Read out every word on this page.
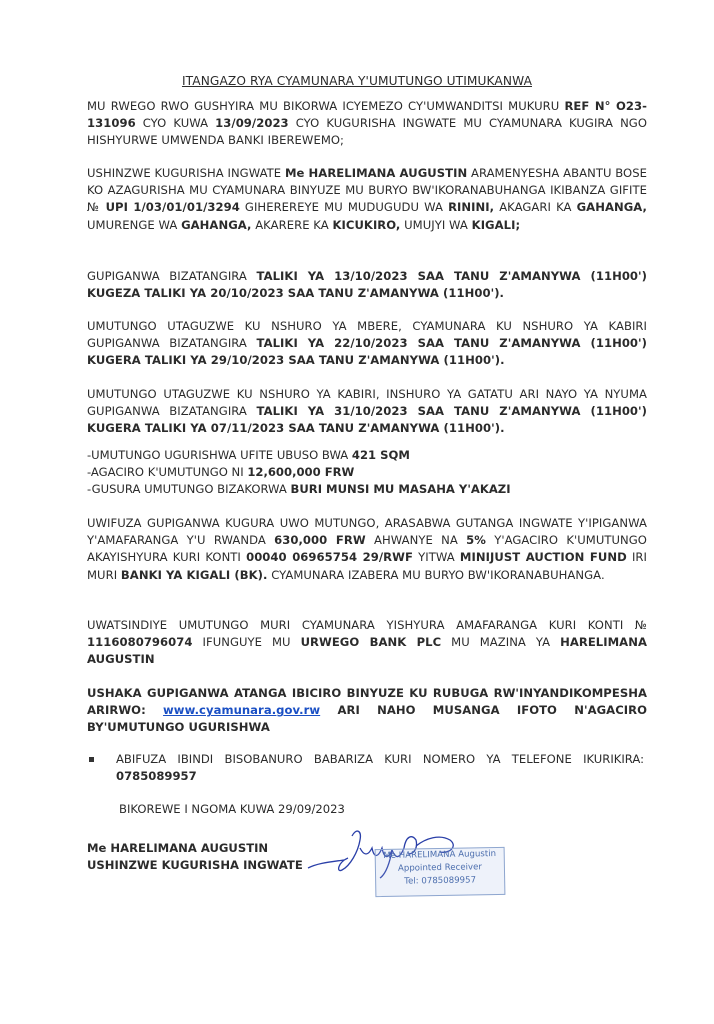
ITANGAZO RYA CYAMUNARA Y'UMUTUNGO UTIMUKANWA
MU RWEGO RWO GUSHYIRA MU BIKORWA ICYEMEZO CY'UMWANDITSI MUKURU REF N° O23-131096 CYO KUWA 13/09/2023 CYO KUGURISHA INGWATE MU CYAMUNARA KUGIRA NGO HISHYURWE UMWENDA BANKI IBEREWEMO;
USHINZWE KUGURISHA INGWATE Me HARELIMANA AUGUSTIN ARAMENYESHA ABANTU BOSE KO AZAGURISHA MU CYAMUNARA BINYUZE MU BURYO BW'IKORANABUHANGA IKIBANZA GIFITE № UPI 1/03/01/01/3294 GIHEREREYE MU MUDUGUDU WA RININI, AKAGARI KA GAHANGA, UMURENGE WA GAHANGA, AKARERE KA KICUKIRO, UMUJYI WA KIGALI;
GUPIGANWA BIZATANGIRA TALIKI YA 13/10/2023 SAA TANU Z'AMANYWA (11H00') KUGEZA TALIKI YA 20/10/2023 SAA TANU Z'AMANYWA (11H00').
UMUTUNGO UTAGUZWE KU NSHURO YA MBERE, CYAMUNARA KU NSHURO YA KABIRI GUPIGANWA BIZATANGIRA TALIKI YA 22/10/2023 SAA TANU Z'AMANYWA (11H00') KUGERA TALIKI YA 29/10/2023 SAA TANU Z'AMANYWA (11H00').
UMUTUNGO UTAGUZWE KU NSHURO YA KABIRI, INSHURO YA GATATU ARI NAYO YA NYUMA GUPIGANWA BIZATANGIRA TALIKI YA 31/10/2023 SAA TANU Z'AMANYWA (11H00') KUGERA TALIKI YA 07/11/2023 SAA TANU Z'AMANYWA (11H00').
-UMUTUNGO UGURISHWA UFITE UBUSO BWA 421 SQM
-AGACIRO K'UMUTUNGO NI 12,600,000 FRW
-GUSURA UMUTUNGO BIZAKORWA BURI MUNSI MU MASAHA Y'AKAZI
UWIFUZA GUPIGANWA KUGURA UWO MUTUNGO, ARASABWA GUTANGA INGWATE Y'IPIGANWA Y'AMAFARANGA Y'U RWANDA 630,000 FRW AHWANYE NA 5% Y'AGACIRO K'UMUTUNGO AKAYISHYURA KURI KONTI 00040 06965754 29/RWF YITWA MINIJUST AUCTION FUND IRI MURI BANKI YA KIGALI (BK). CYAMUNARA IZABERA MU BURYO BW'IKORANABUHANGA.
UWATSINDIYE UMUTUNGO MURI CYAMUNARA YISHYURA AMAFARANGA KURI KONTI № 1116080796074 IFUNGUYE MU URWEGO BANK PLC MU MAZINA YA HARELIMANA AUGUSTIN
USHAKA GUPIGANWA ATANGA IBICIRO BINYUZE KU RUBUGA RW'INYANDIKOMPESHA ARIRWO: www.cyamunara.gov.rw ARI NAHO MUSANGA IFOTO N'AGACIRO BY'UMUTUNGO UGURISHWA
ABIFUZA IBINDI BISOBANURO BABARIZA KURI NOMERO YA TELEFONE IKURIKIRA: 0785089957
BIKOREWE I NGOMA KUWA 29/09/2023
Me HARELIMANA AUGUSTIN
USHINZWE KUGURISHA INGWATE
Me HARELIMANA Augustin
Appointed Receiver
Tel: 0785089957
